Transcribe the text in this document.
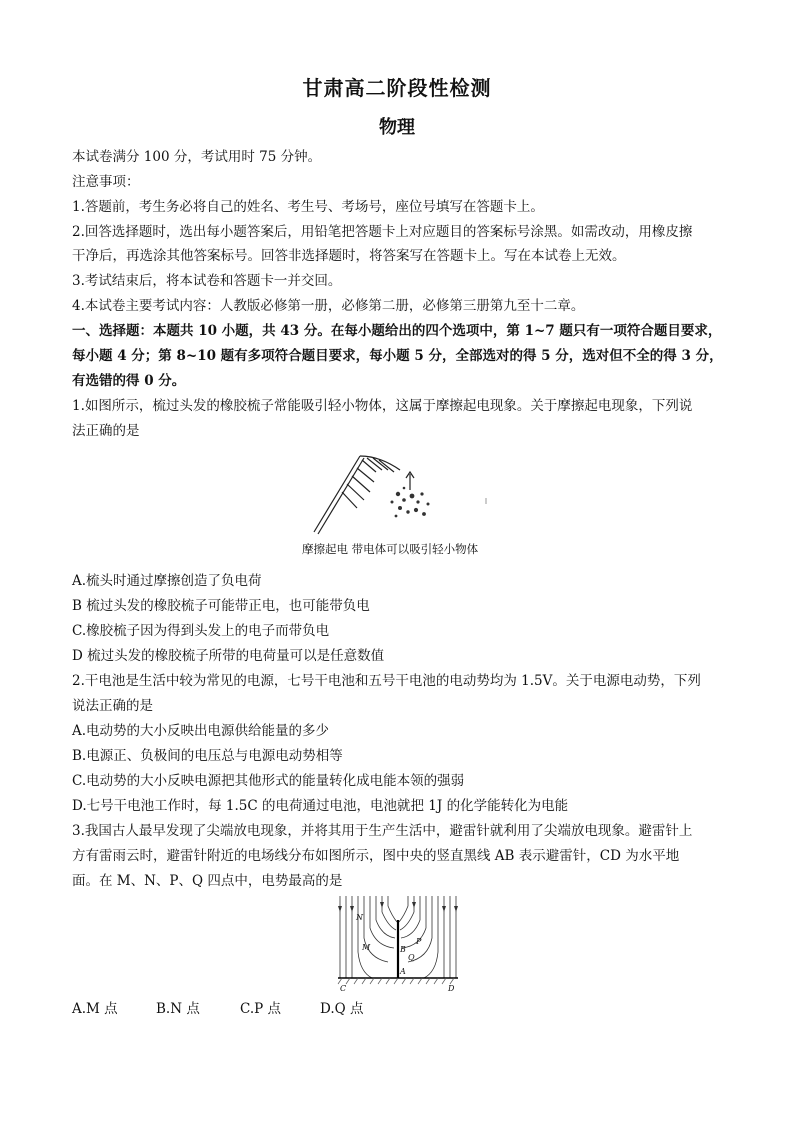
甘肃高二阶段性检测
物理
本试卷满分 100 分，考试用时 75 分钟。
注意事项：
1.答题前，考生务必将自己的姓名、考生号、考场号，座位号填写在答题卡上。
2.回答选择题时，选出每小题答案后，用铅笔把答题卡上对应题目的答案标号涂黑。如需改动，用橡皮擦
干净后，再选涂其他答案标号。回答非选择题时，将答案写在答题卡上。写在本试卷上无效。
3.考试结束后，将本试卷和答题卡一并交回。
4.本试卷主要考试内容：人教版必修第一册，必修第二册，必修第三册第九至十二章。
一、选择题：本题共 10 小题，共 43 分。在每小题给出的四个选项中，第 1~7 题只有一项符合题目要求，
每小题 4 分；第 8~10 题有多项符合题目要求，每小题 5 分，全部选对的得 5 分，选对但不全的得 3 分，
有选错的得 0 分。
1.如图所示，梳过头发的橡胶梳子常能吸引轻小物体，这属于摩擦起电现象。关于摩擦起电现象，下列说
法正确的是
摩擦起电 带电体可以吸引轻小物体
A.梳头时通过摩擦创造了负电荷
B 梳过头发的橡胶梳子可能带正电，也可能带负电
C.橡胶梳子因为得到头发上的电子而带负电
D 梳过头发的橡胶梳子所带的电荷量可以是任意数值
2.干电池是生活中较为常见的电源，七号干电池和五号干电池的电动势均为 1.5V。关于电源电动势，下列
说法正确的是
A.电动势的大小反映出电源供给能量的多少
B.电源正、负极间的电压总与电源电动势相等
C.电动势的大小反映电源把其他形式的能量转化成电能本领的强弱
D.七号干电池工作时，每 1.5C 的电荷通过电池，电池就把 1J 的化学能转化为电能
3.我国古人最早发现了尖端放电现象，并将其用于生产生活中，避雷针就利用了尖端放电现象。避雷针上
方有雷雨云时，避雷针附近的电场线分布如图所示，图中央的竖直黑线 AB 表示避雷针，CD 为水平地
面。在 M、N、P、Q 四点中，电势最高的是
N
M
P
Q
A
B
C	D
A.M 点	B.N 点	C.P 点	D.Q 点
